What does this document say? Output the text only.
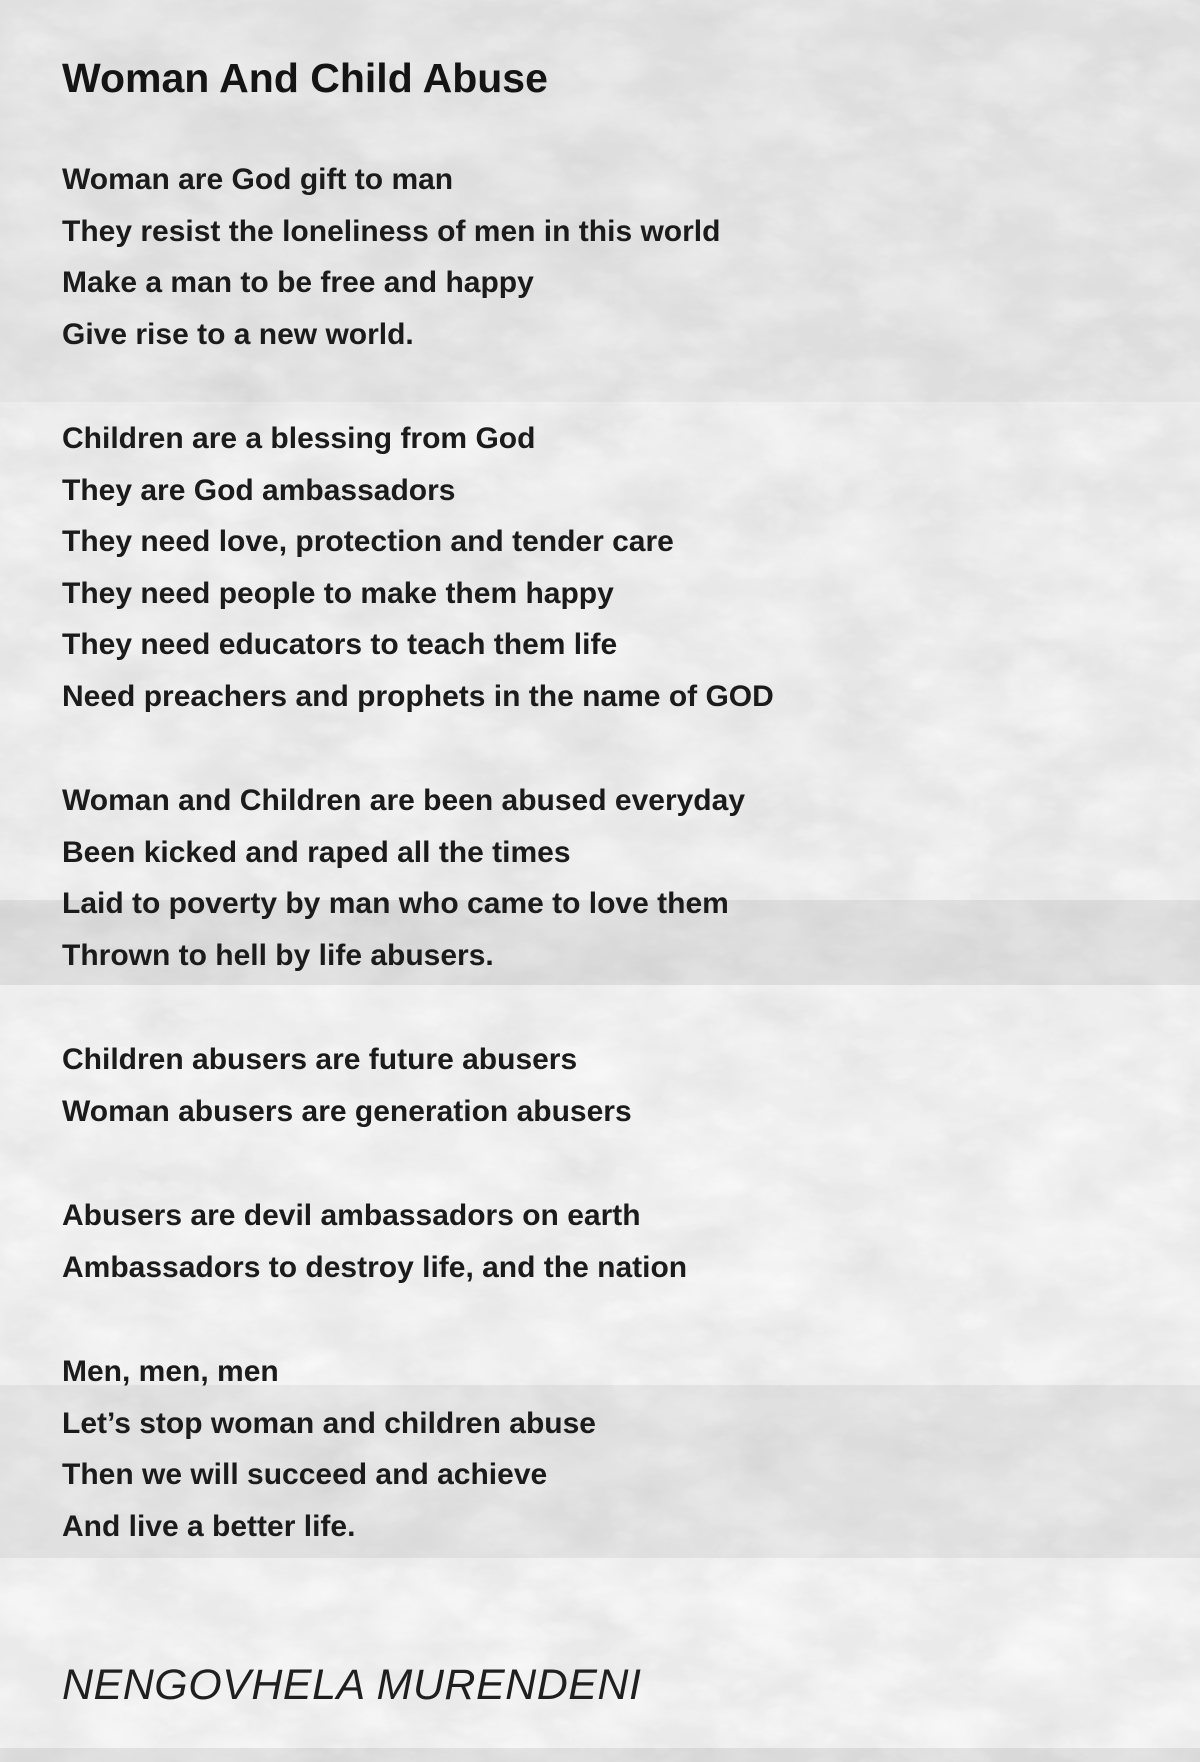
Woman And Child Abuse

Woman are God gift to man

They resist the loneliness of men in this world

Make a man to be free and happy

Give rise to a new world.

Children are a blessing from God

They are God ambassadors

They need love, protection and tender care

They need people to make them happy

They need educators to teach them life

Need preachers and prophets in the name of GOD

Woman and Children are been abused everyday

Been kicked and raped all the times

Laid to poverty by man who came to love them

Thrown to hell by life abusers.

Children abusers are future abusers

Woman abusers are generation abusers

Abusers are devil ambassadors on earth

Ambassadors to destroy life, and the nation

Men, men, men

Let’s stop woman and children abuse

Then we will succeed and achieve

And live a better life.

NENGOVHELA MURENDENI
